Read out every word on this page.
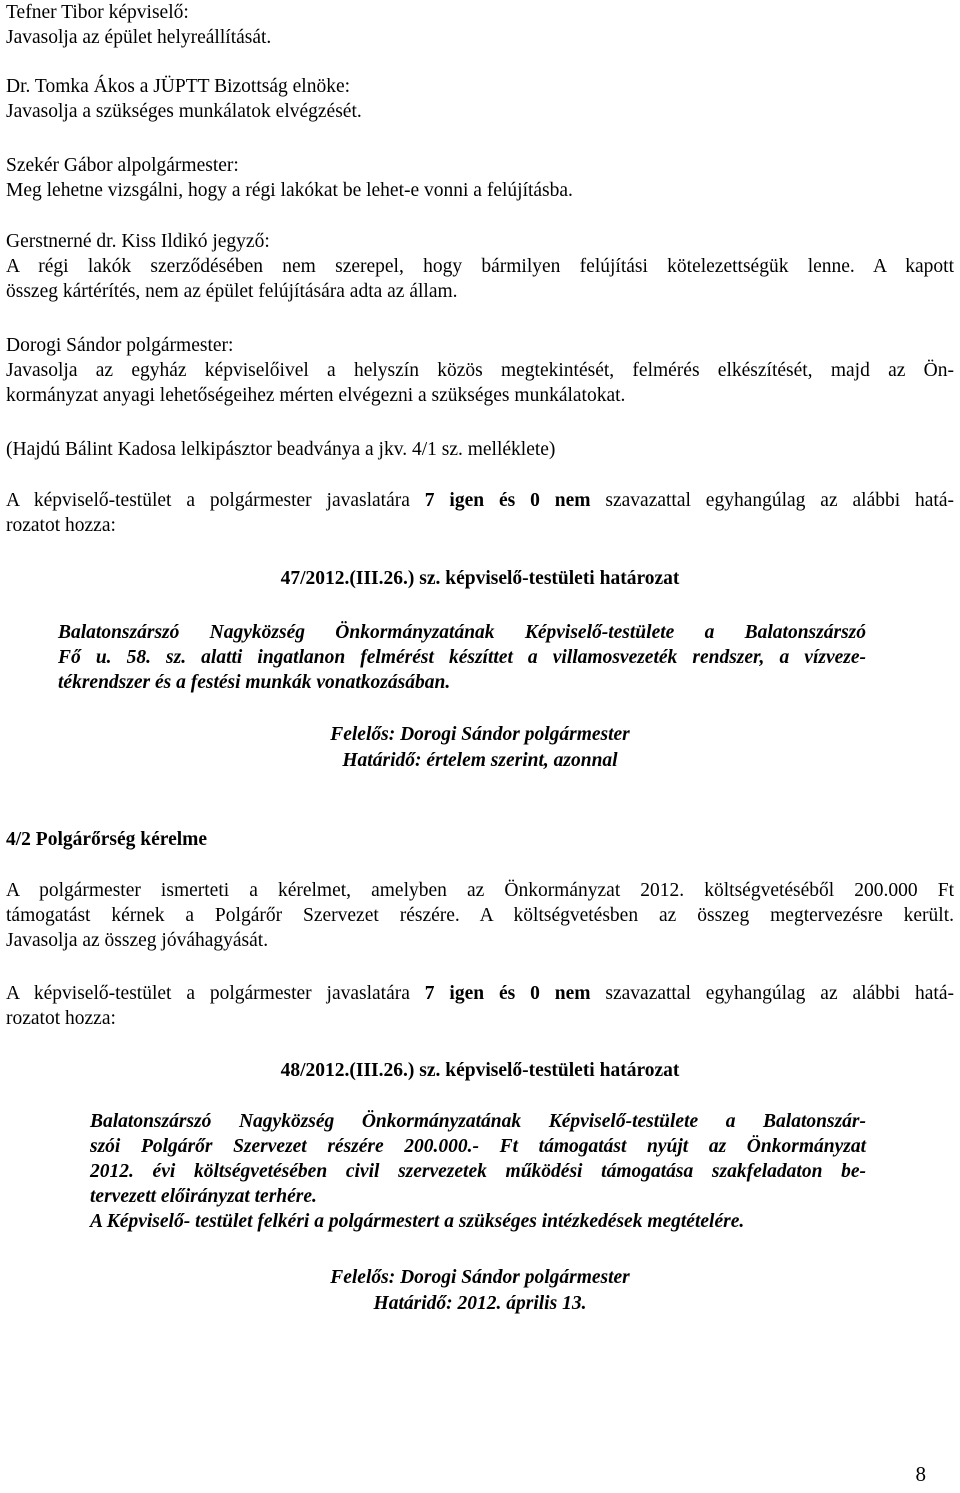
Tefner Tibor képviselő:

Javasolja az épület helyreállítását.

Dr. Tomka Ákos a JÜPTT Bizottság elnöke:

Javasolja a szükséges munkálatok elvégzését.

Szekér Gábor alpolgármester:

Meg lehetne vizsgálni, hogy a régi lakókat be lehet-e vonni a felújításba.

Gerstnerné dr. Kiss Ildikó jegyző:

A régi lakók szerződésében nem szerepel, hogy bármilyen felújítási kötelezettségük lenne. A kapott

összeg kártérítés, nem az épület felújítására adta az állam.

Dorogi Sándor polgármester:

Javasolja az egyház képviselőivel a helyszín közös megtekintését, felmérés elkészítését, majd az Ön-

kormányzat anyagi lehetőségeihez mérten elvégezni a szükséges munkálatokat.

(Hajdú Bálint Kadosa lelkipásztor beadványa a jkv. 4/1 sz. melléklete)

A képviselő-testület a polgármester javaslatára 7 igen és 0 nem szavazattal egyhangúlag az alábbi hatá-

rozatot hozza:

47/2012.(III.26.) sz. képviselő-testületi határozat

Balatonszárszó Nagyközség Önkormányzatának Képviselő-testülete a Balatonszárszó

Fő u. 58. sz. alatti ingatlanon felmérést készíttet a villamosvezeték rendszer, a vízveze-

tékrendszer és a festési munkák vonatkozásában.

Felelős: Dorogi Sándor polgármester

Határidő: értelem szerint, azonnal

4/2 Polgárőrség kérelme

A polgármester ismerteti a kérelmet, amelyben az Önkormányzat 2012. költségvetéséből 200.000 Ft

támogatást kérnek a Polgárőr Szervezet részére. A költségvetésben az összeg megtervezésre került.

Javasolja az összeg jóváhagyását.

A képviselő-testület a polgármester javaslatára 7 igen és 0 nem szavazattal egyhangúlag az alábbi hatá-

rozatot hozza:

48/2012.(III.26.) sz. képviselő-testületi határozat

Balatonszárszó Nagyközség Önkormányzatának Képviselő-testülete a Balatonszár-

szói Polgárőr Szervezet részére 200.000.- Ft támogatást nyújt az Önkormányzat

2012. évi költségvetésében civil szervezetek működési támogatása szakfeladaton be-

tervezett előirányzat terhére.

A Képviselő- testület felkéri a polgármestert a szükséges intézkedések megtételére.

Felelős: Dorogi Sándor polgármester

Határidő: 2012. április 13.

8
